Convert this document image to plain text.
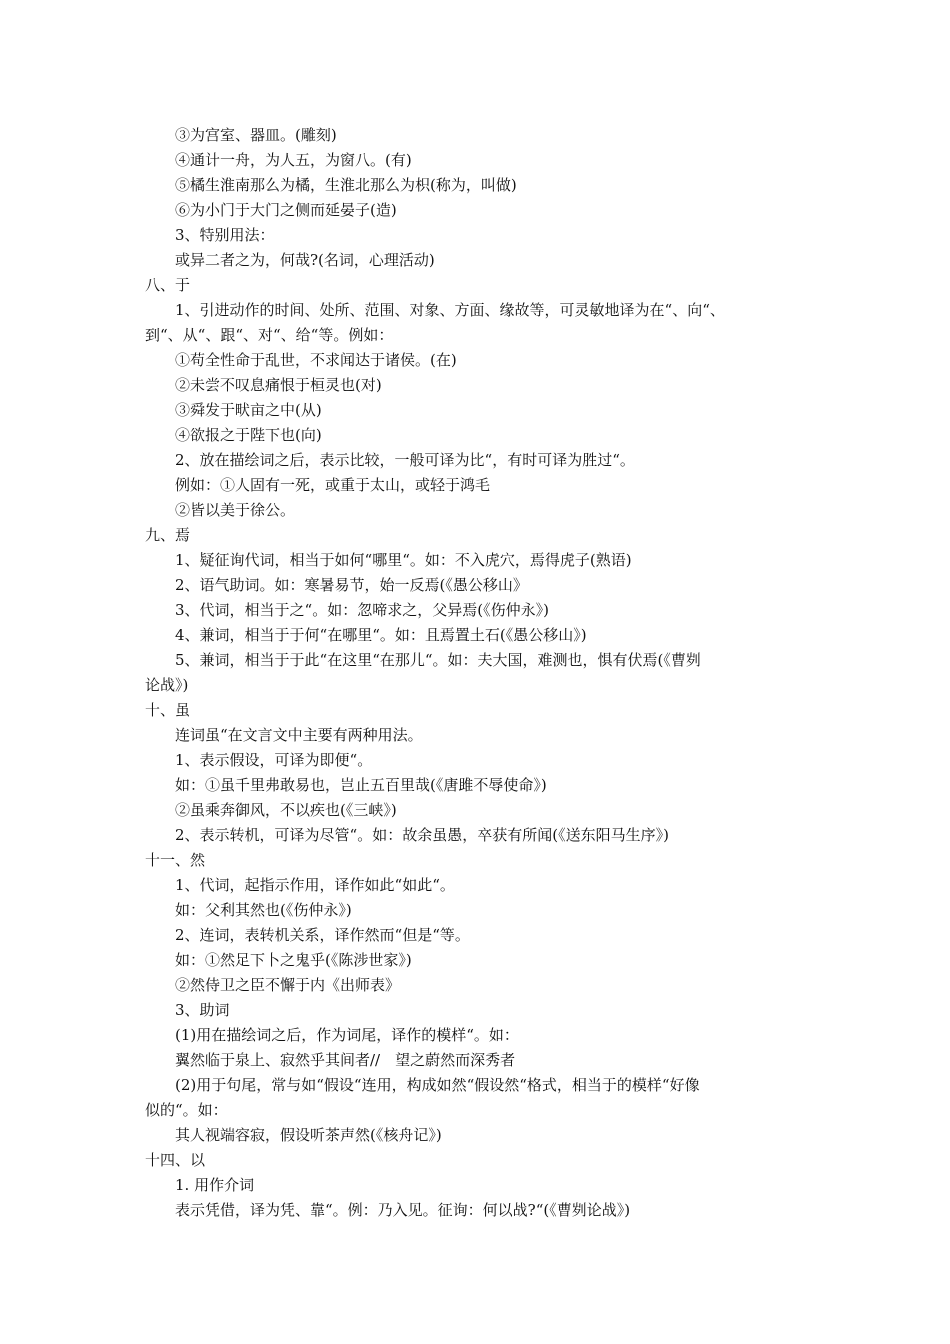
③为宫室、器皿。(雕刻)
④通计一舟，为人五，为窗八。(有)
⑤橘生淮南那么为橘，生淮北那么为枳(称为，叫做)
⑥为小门于大门之侧而延晏子(造)
3、特别用法：
或异二者之为，何哉?(名词，心理活动)
八、于
1、引进动作的时间、处所、范围、对象、方面、缘故等，可灵敏地译为在“、向“、
到“、从“、跟“、对“、给“等。例如：
①苟全性命于乱世，不求闻达于诸侯。(在)
②未尝不叹息痛恨于桓灵也(对)
③舜发于畎亩之中(从)
④欲报之于陛下也(向)
2、放在描绘词之后，表示比较，一般可译为比“，有时可译为胜过“。
例如：①人固有一死，或重于太山，或轻于鸿毛
②皆以美于徐公。
九、焉
1、疑征询代词，相当于如何“哪里“。如：不入虎穴，焉得虎子(熟语)
2、语气助词。如：寒暑易节，始一反焉(《愚公移山》
3、代词，相当于之“。如：忽啼求之，父异焉(《伤仲永》)
4、兼词，相当于于何“在哪里“。如：且焉置土石(《愚公移山》)
5、兼词，相当于于此“在这里“在那儿“。如：夫大国，难测也，惧有伏焉(《曹刿
论战》)
十、虽
连词虽“在文言文中主要有两种用法。
1、表示假设，可译为即便“。
如：①虽千里弗敢易也，岂止五百里哉(《唐雎不辱使命》)
②虽乘奔御风，不以疾也(《三峡》)
2、表示转机，可译为尽管“。如：故余虽愚，卒获有所闻(《送东阳马生序》)
十一、然
1、代词，起指示作用，译作如此“如此“。
如：父利其然也(《伤仲永》)
2、连词，表转机关系，译作然而“但是“等。
如：①然足下卜之鬼乎(《陈涉世家》)
②然侍卫之臣不懈于内《出师表》
3、助词
(1)用在描绘词之后，作为词尾，译作的模样“。如：
翼然临于泉上、寂然乎其间者//　望之蔚然而深秀者
(2)用于句尾，常与如“假设“连用，构成如然“假设然“格式，相当于的模样“好像
似的“。如：
其人视端容寂，假设听茶声然(《核舟记》)
十四、以
1. 用作介词
表示凭借，译为凭、靠“。例：乃入见。征询：何以战?“(《曹刿论战》)
